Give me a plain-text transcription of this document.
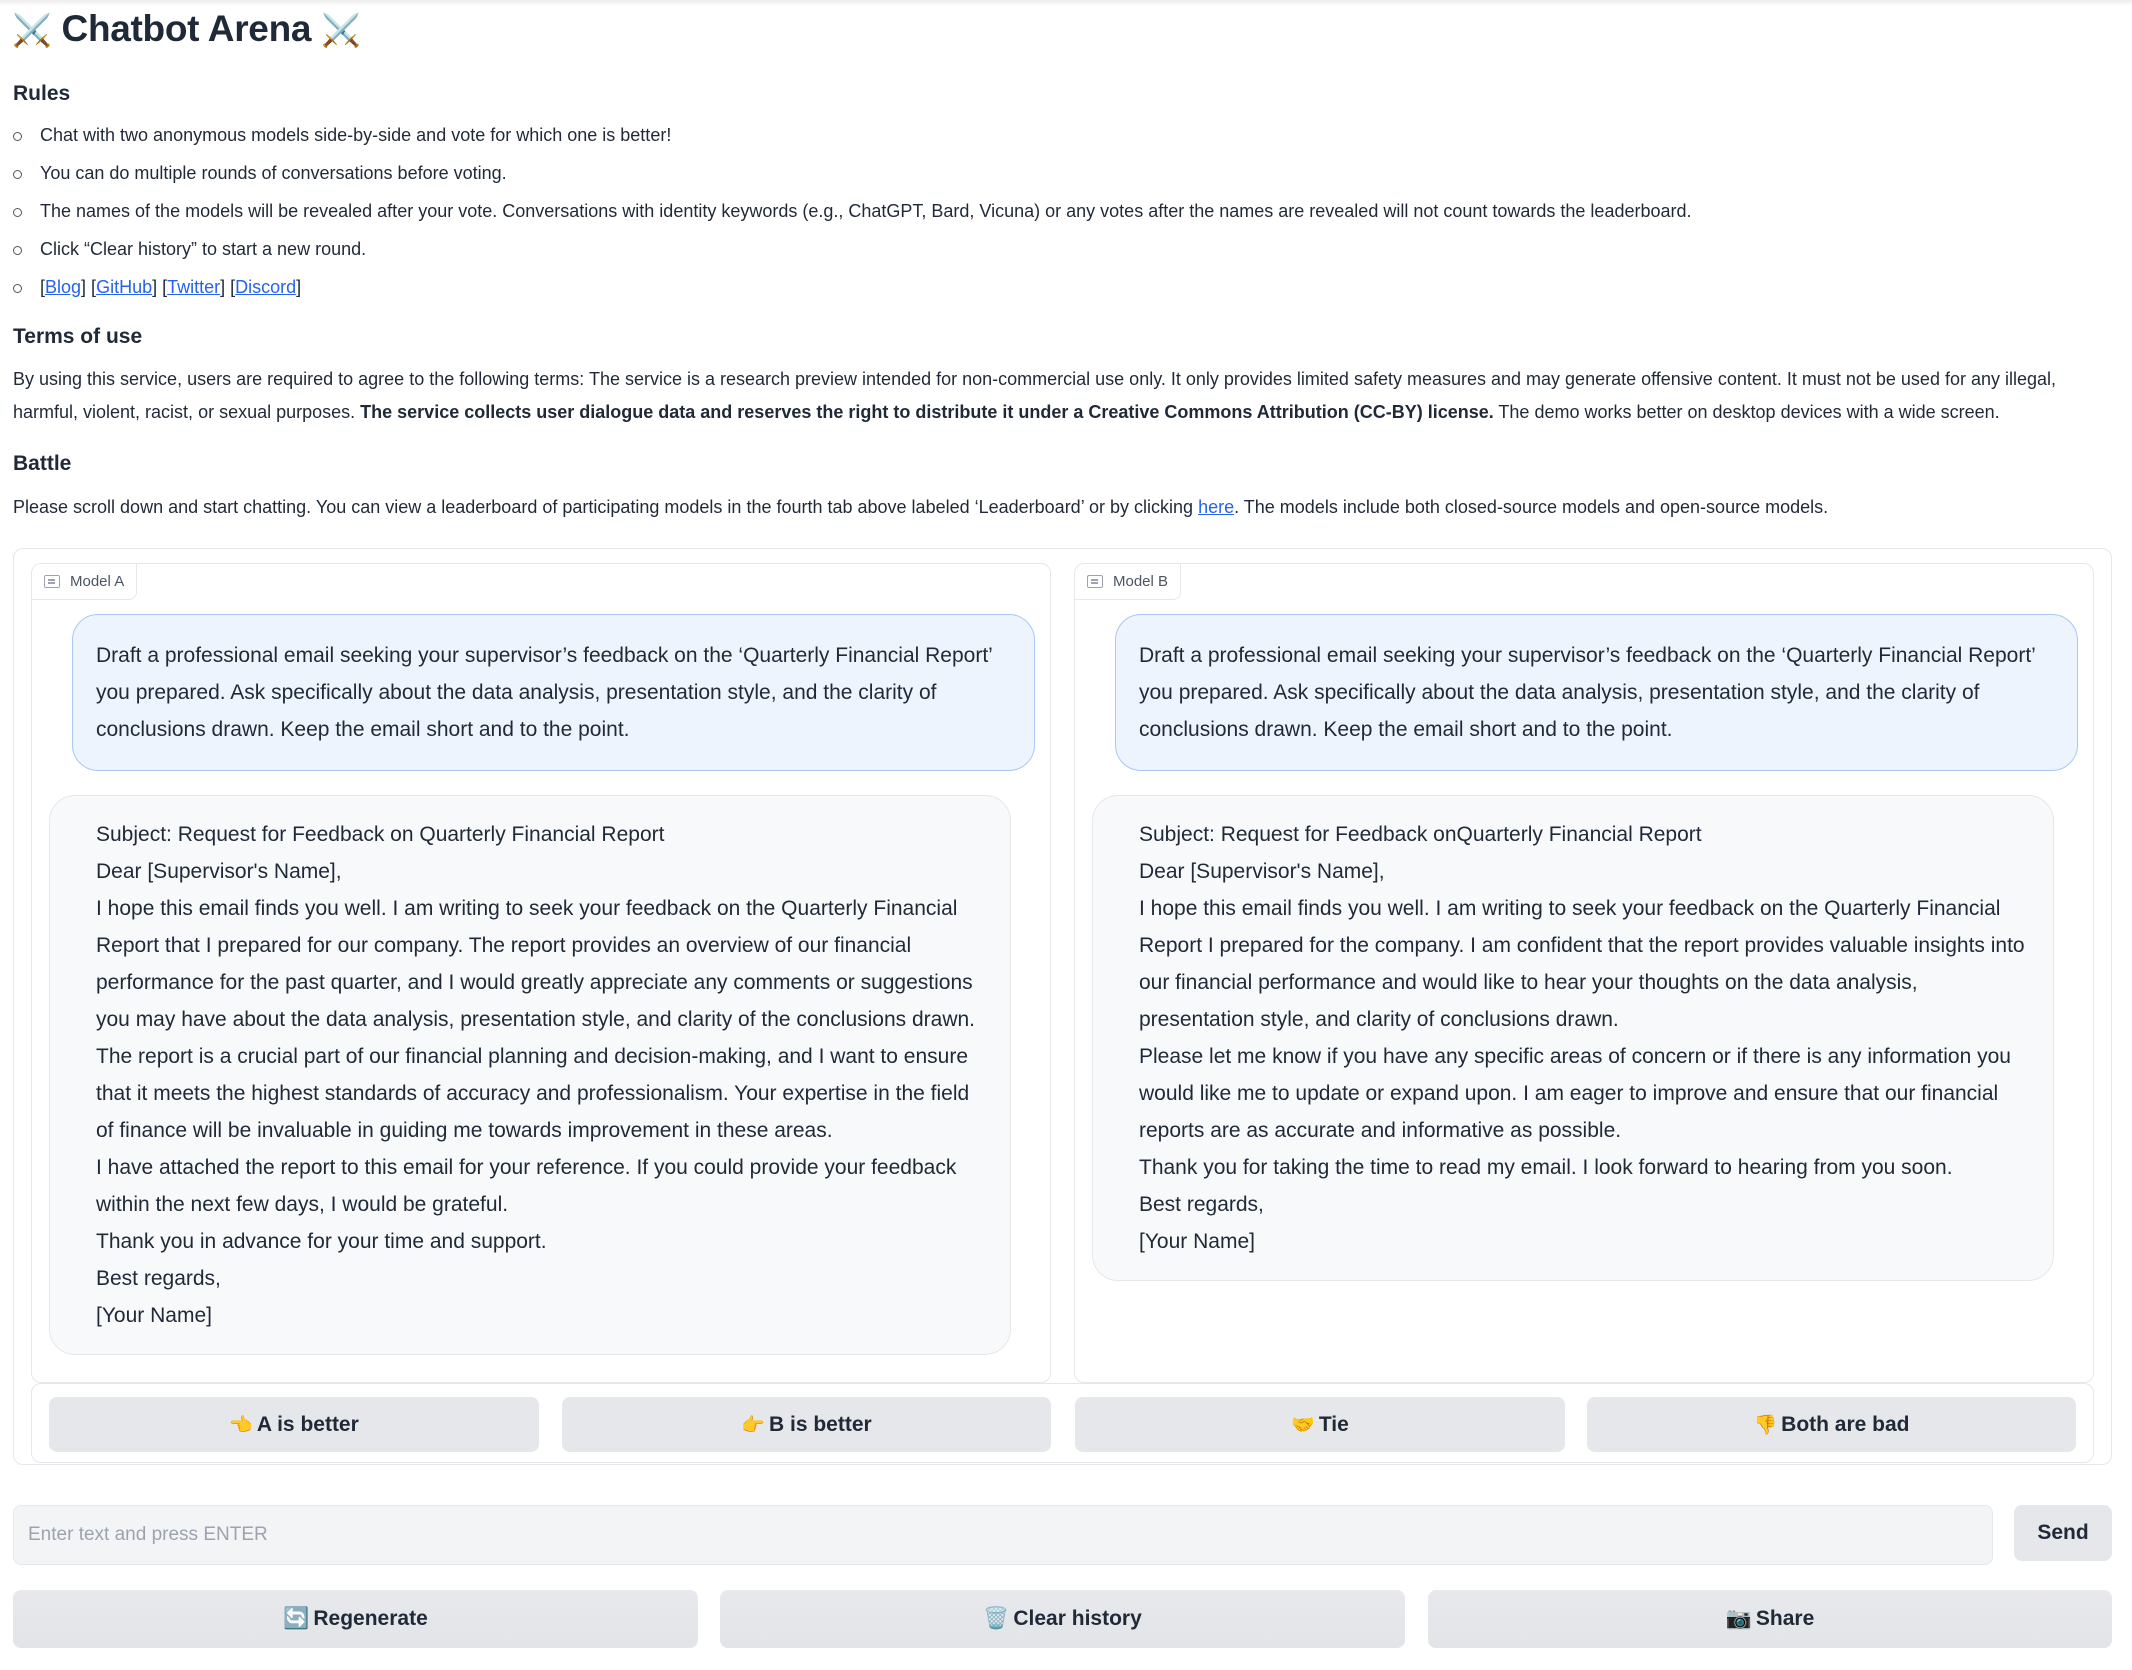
⚔️ Chatbot Arena ⚔️
Rules
Chat with two anonymous models side-by-side and vote for which one is better!
You can do multiple rounds of conversations before voting.
The names of the models will be revealed after your vote. Conversations with identity keywords (e.g., ChatGPT, Bard, Vicuna) or any votes after the names are revealed will not count towards the leaderboard.
Click “Clear history” to start a new round.
[Blog] [GitHub] [Twitter] [Discord]
Terms of use

By using this service, users are required to agree to the following terms: The service is a research preview intended for non-commercial use only. It only provides limited safety measures and may generate offensive content. It must not be used for any illegal, harmful, violent, racist, or sexual purposes. The service collects user dialogue data and reserves the right to distribute it under a Creative Commons Attribution (CC-BY) license. The demo works better on desktop devices with a wide screen.

Battle

Please scroll down and start chatting. You can view a leaderboard of participating models in the fourth tab above labeled ‘Leaderboard’ or by clicking here. The models include both closed-source models and open-source models.

Model A
Draft a professional email seeking your supervisor’s feedback on the ‘Quarterly Financial Report’ you prepared. Ask specifically about the data analysis, presentation style, and the clarity of conclusions drawn. Keep the email short and to the point.

Subject: Request for Feedback on Quarterly Financial Report

Dear [Supervisor's Name],

I hope this email finds you well. I am writing to seek your feedback on the Quarterly Financial Report that I prepared for our company. The report provides an overview of our financial performance for the past quarter, and I would greatly appreciate any comments or suggestions you may have about the data analysis, presentation style, and clarity of the conclusions drawn.

The report is a crucial part of our financial planning and decision-making, and I want to ensure that it meets the highest standards of accuracy and professionalism. Your expertise in the field of finance will be invaluable in guiding me towards improvement in these areas.

I have attached the report to this email for your reference. If you could provide your feedback within the next few days, I would be grateful.

Thank you in advance for your time and support.

Best regards,

[Your Name]

Model B
Draft a professional email seeking your supervisor’s feedback on the ‘Quarterly Financial Report’ you prepared. Ask specifically about the data analysis, presentation style, and the clarity of conclusions drawn. Keep the email short and to the point.

Subject: Request for Feedback onQuarterly Financial Report

Dear [Supervisor's Name],

I hope this email finds you well. I am writing to seek your feedback on the Quarterly Financial Report I prepared for the company. I am confident that the report provides valuable insights into our financial performance and would like to hear your thoughts on the data analysis, presentation style, and clarity of conclusions drawn.

Please let me know if you have any specific areas of concern or if there is any information you would like me to update or expand upon. I am eager to improve and ensure that our financial reports are as accurate and informative as possible.

Thank you for taking the time to read my email. I look forward to hearing from you soon.

Best regards,

[Your Name]

👈 A is better	👉 B is better	🤝 Tie	👎 Both are bad
Enter text and press ENTER	Send
🔄 Regenerate	🗑️ Clear history	📷 Share
